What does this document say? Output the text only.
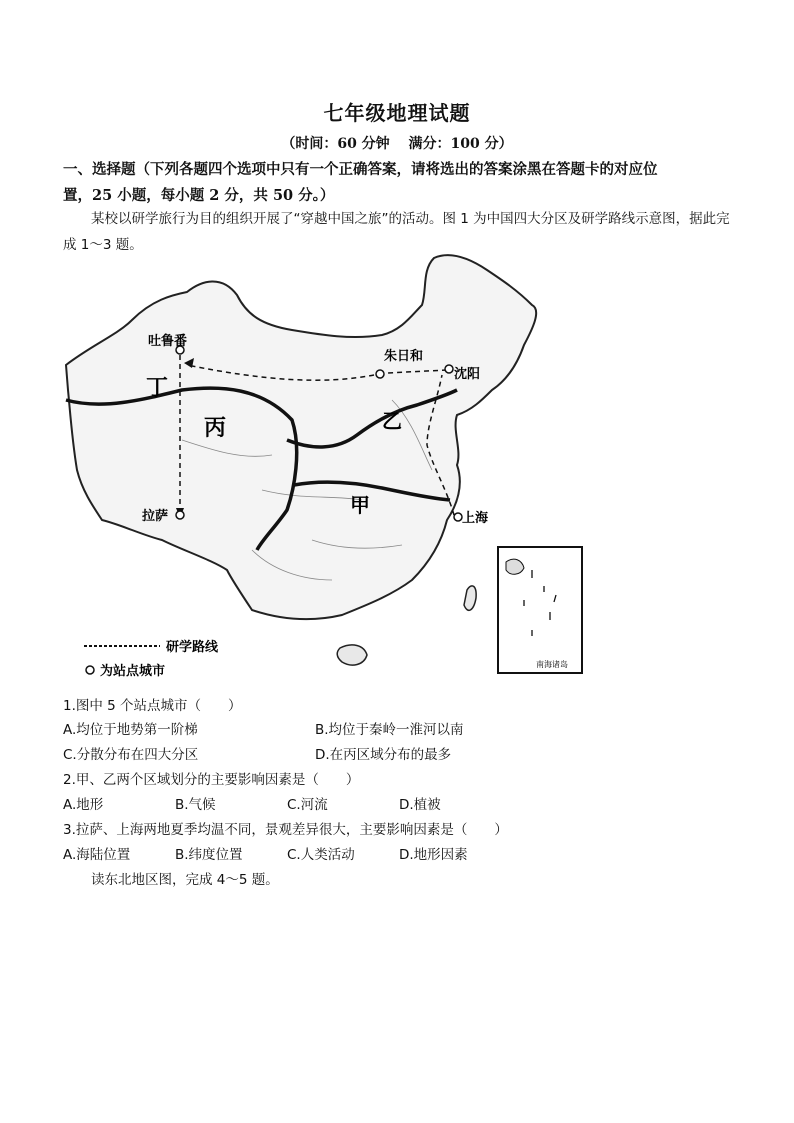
七年级地理试题
（时间：60 分钟　 满分：100 分）
一、选择题（下列各题四个选项中只有一个正确答案，请将选出的答案涂黑在答题卡的对应位
置，25 小题，每小题 2 分，共 50 分。）
某校以研学旅行为目的组织开展了“穿越中国之旅”的活动。图 1 为中国四大分区及研学路线示意图，据此完成 1～3 题。
吐鲁番
朱日和
沈阳
拉萨	上海
丁
丙	乙
甲
南海诸岛
研学路线
为站点城市
1.图中 5 个站点城市（　　）
A.均位于地势第一阶梯	B.均位于秦岭一淮河以南
C.分散分布在四大分区	D.在丙区域分布的最多
2.甲、乙两个区域划分的主要影响因素是（　　）
A.地形	B.气候	C.河流	D.植被
3.拉萨、上海两地夏季均温不同，景观差异很大，主要影响因素是（　　）
A.海陆位置	B.纬度位置	C.人类活动	D.地形因素
读东北地区图，完成 4～5 题。
